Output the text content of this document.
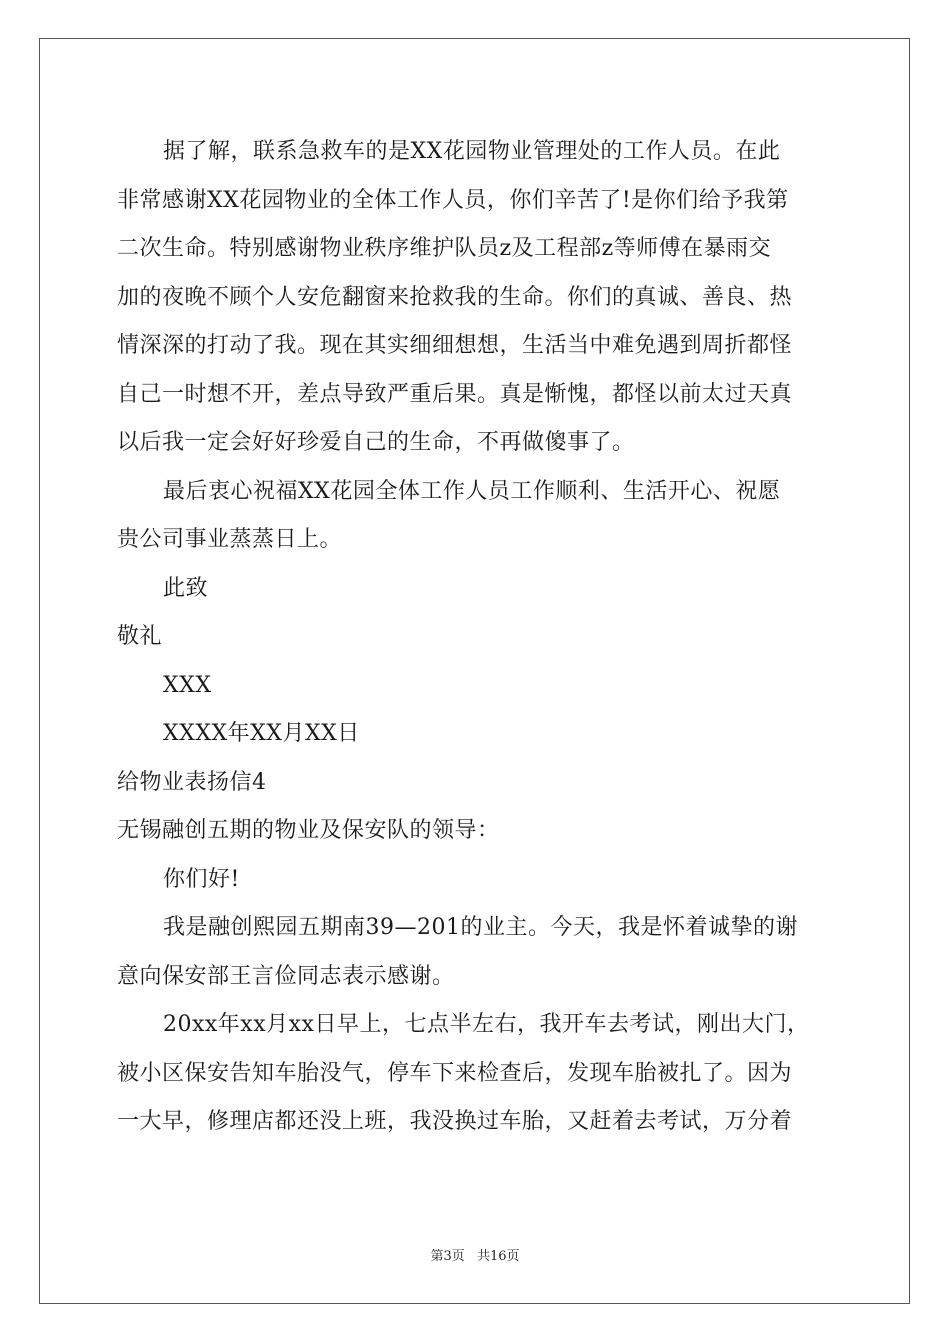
据了解，联系急救车的是XX花园物业管理处的工作人员。在此
非常感谢XX花园物业的全体工作人员，你们辛苦了!是你们给予我第
二次生命。特别感谢物业秩序维护队员z及工程部z等师傅在暴雨交
加的夜晚不顾个人安危翻窗来抢救我的生命。你们的真诚、善良、热
情深深的打动了我。现在其实细细想想，生活当中难免遇到周折都怪
自己一时想不开，差点导致严重后果。真是惭愧，都怪以前太过天真
以后我一定会好好珍爱自己的生命，不再做傻事了。
最后衷心祝福XX花园全体工作人员工作顺利、生活开心、祝愿
贵公司事业蒸蒸日上。
此致
敬礼
XXX
XXXX年XX月XX日
给物业表扬信4
无锡融创五期的物业及保安队的领导：
你们好!
我是融创熙园五期南39—201的业主。今天，我是怀着诚挚的谢
意向保安部王言俭同志表示感谢。
20xx年xx月xx日早上，七点半左右，我开车去考试，刚出大门，
被小区保安告知车胎没气，停车下来检查后，发现车胎被扎了。因为
一大早，修理店都还没上班，我没换过车胎，又赶着去考试，万分着
第3页 共16页
